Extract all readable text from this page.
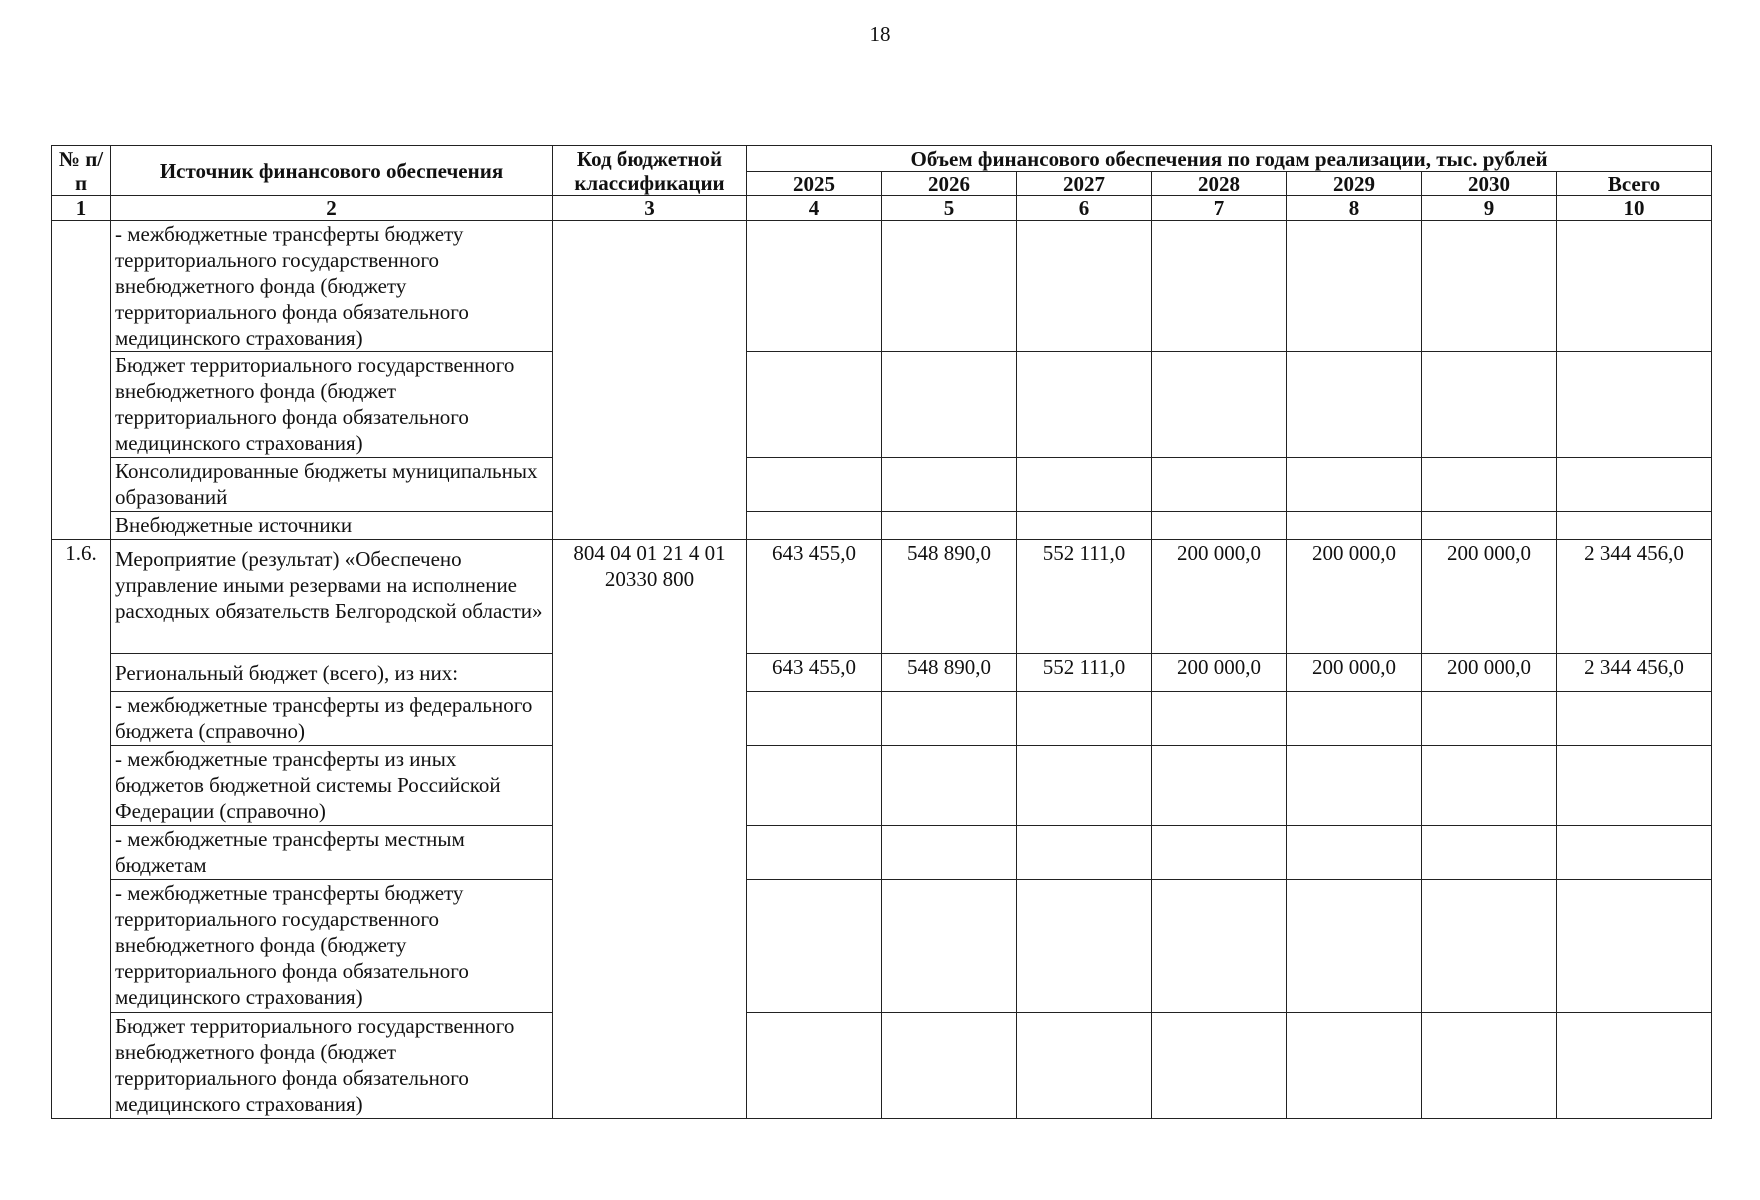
18
№ п/п	Источник финансового обеспечения	Код бюджетной классификации	Объем финансового обеспечения по годам реализации, тыс. рублей						
			2025	2026	2027	2028	2029	2030	Всего
1	2	3	4	5	6	7	8	9	10
	- межбюджетные трансферты бюджету территориального государственного внебюджетного фонда (бюджету территориального фонда обязательного медицинского страхования)								
	Бюджет территориального государственного внебюджетного фонда (бюджет территориального фонда обязательного медицинского страхования)								
	Консолидированные бюджеты муниципальных образований								
	Внебюджетные источники								
1.6.	Мероприятие (результат) «Обеспечено управление иными резервами на исполнение расходных обязательств Белгородской области»	804 04 01 21 4 01 20330 800	643 455,0	548 890,0	552 111,0	200 000,0	200 000,0	200 000,0	2 344 456,0
	Региональный бюджет (всего), из них:		643 455,0	548 890,0	552 111,0	200 000,0	200 000,0	200 000,0	2 344 456,0
	- межбюджетные трансферты из федерального бюджета (справочно)								
	- межбюджетные трансферты из иных бюджетов бюджетной системы Российской Федерации (справочно)								
	- межбюджетные трансферты местным бюджетам								
	- межбюджетные трансферты бюджету территориального государственного внебюджетного фонда (бюджету территориального фонда обязательного медицинского страхования)								
	Бюджет территориального государственного внебюджетного фонда (бюджет территориального фонда обязательного медицинского страхования)								
